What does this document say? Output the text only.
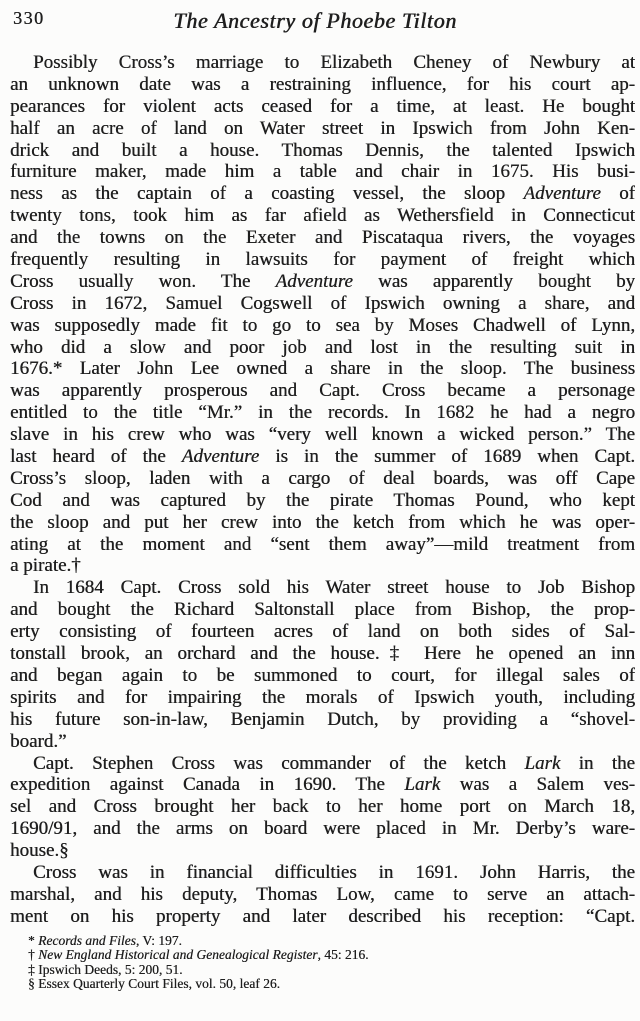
330	The Ancestry of Phoebe Tilton
Possibly Cross’s marriage to Elizabeth Cheney of Newbury at
an unknown date was a restraining influence, for his court ap-
pearances for violent acts ceased for a time, at least. He bought
half an acre of land on Water street in Ipswich from John Ken-
drick and built a house. Thomas Dennis, the talented Ipswich
furniture maker, made him a table and chair in 1675. His busi-
ness as the captain of a coasting vessel, the sloop Adventure of
twenty tons, took him as far afield as Wethersfield in Connecticut
and the towns on the Exeter and Piscataqua rivers, the voyages
frequently resulting in lawsuits for payment of freight which
Cross usually won. The Adventure was apparently bought by
Cross in 1672, Samuel Cogswell of Ipswich owning a share, and
was supposedly made fit to go to sea by Moses Chadwell of Lynn,
who did a slow and poor job and lost in the resulting suit in
1676.* Later John Lee owned a share in the sloop. The business
was apparently prosperous and Capt. Cross became a personage
entitled to the title “Mr.” in the records. In 1682 he had a negro
slave in his crew who was “very well known a wicked person.” The
last heard of the Adventure is in the summer of 1689 when Capt.
Cross’s sloop, laden with a cargo of deal boards, was off Cape
Cod and was captured by the pirate Thomas Pound, who kept
the sloop and put her crew into the ketch from which he was oper-
ating at the moment and “sent them away”—mild treatment from
a pirate.†
In 1684 Capt. Cross sold his Water street house to Job Bishop
and bought the Richard Saltonstall place from Bishop, the prop-
erty consisting of fourteen acres of land on both sides of Sal-
tonstall brook, an orchard and the house.‡ Here he opened an inn
and began again to be summoned to court, for illegal sales of
spirits and for impairing the morals of Ipswich youth, including
his future son-in-law, Benjamin Dutch, by providing a “shovel-
board.”
Capt. Stephen Cross was commander of the ketch Lark in the
expedition against Canada in 1690. The Lark was a Salem ves-
sel and Cross brought her back to her home port on March 18,
1690/91, and the arms on board were placed in Mr. Derby’s ware-
house.§
Cross was in financial difficulties in 1691. John Harris, the
marshal, and his deputy, Thomas Low, came to serve an attach-
ment on his property and later described his reception: “Capt.
* Records and Files, V: 197.
† New England Historical and Genealogical Register, 45: 216.
‡ Ipswich Deeds, 5: 200, 51.
§ Essex Quarterly Court Files, vol. 50, leaf 26.
